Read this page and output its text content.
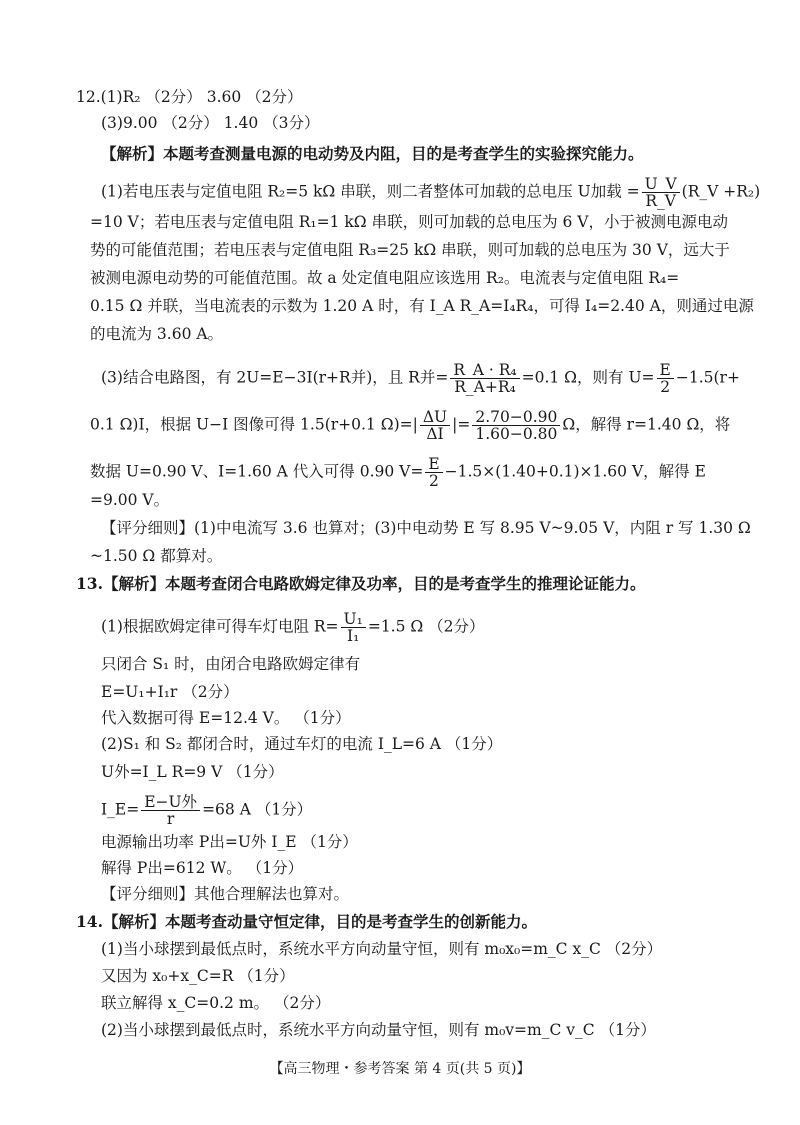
12.(1)R₂ （2分） 3.60 （2分）
(3)9.00 （2分） 1.40 （3分）
【解析】本题考查测量电源的电动势及内阻，目的是考查学生的实验探究能力。
(1)若电压表与定值电阻 R₂=5 kΩ 串联，则二者整体可加载的总电压 U加载 = $\frac{U\_V}{R\_V}$ (R_V +R₂)
=10 V；若电压表与定值电阻 R₁=1 kΩ 串联，则可加载的总电压为 6 V，小于被测电源电动
势的可能值范围；若电压表与定值电阻 R₃=25 kΩ 串联，则可加载的总电压为 30 V，远大于
被测电源电动势的可能值范围。故 a 处定值电阻应该选用 R₂。电流表与定值电阻 R₄=
0.15 Ω 并联，当电流表的示数为 1.20 A 时，有 I_A R_A=I₄R₄，可得 I₄=2.40 A，则通过电源
的电流为 3.60 A。
(3)结合电路图，有 2U=E−3I(r+R并)，且 R并= $\frac{\text{R\_A · R₄}}{\text{R\_A+R₄}} =0.1$ Ω，则有 $U= \frac{E}{2} -1.5(r+$
0.1 Ω)I，根据 U−I 图像可得 1.5(r+0.1 $\Omega)=| \frac{\Delta U}{\Delta I}$ |= $\frac{2.70-0.90}{1.60-0.80}$ Ω，解得 r=1.40 Ω，将
数据 U=0.90 V、I=1.60 A 代入可得 0.90 $V= \frac{E}{2} -1.5\times(1.40+0.1)\times 1.60$ V，解得 E
=9.00 V。
【评分细则】(1)中电流写 3.6 也算对；(3)中电动势 E 写 8.95 V~9.05 V，内阻 r 写 1.30 Ω
~1.50 Ω 都算对。
13.【解析】本题考查闭合电路欧姆定律及功率，目的是考查学生的推理论证能力。
(1)根据欧姆定律可得车灯电阻 $R= \frac{\text{U₁}}{\text{I₁}} =1.5$ Ω （2分）
只闭合 S₁ 时，由闭合电路欧姆定律有
E=U₁+I₁r （2分）
代入数据可得 E=12.4 V。 （1分）
(2)S₁ 和 S₂ 都闭合时，通过车灯的电流 I_L=6 A （1分）
U外=I_L R=9 V （1分）
I_E= $\frac{\text{E−U外}}{r} =68$ A （1分）
电源输出功率 P出=U外 I_E （1分）
解得 P出=612 W。 （1分）
【评分细则】其他合理解法也算对。
14.【解析】本题考查动量守恒定律，目的是考查学生的创新能力。
(1)当小球摆到最低点时，系统水平方向动量守恒，则有 m₀x₀=m_C x_C （2分）
又因为 x₀+x_C=R （1分）
联立解得 x_C=0.2 m。 （2分）
(2)当小球摆到最低点时，系统水平方向动量守恒，则有 m₀v=m_C v_C （1分）
【高三物理・参考答案 第 4 页(共 5 页)】
